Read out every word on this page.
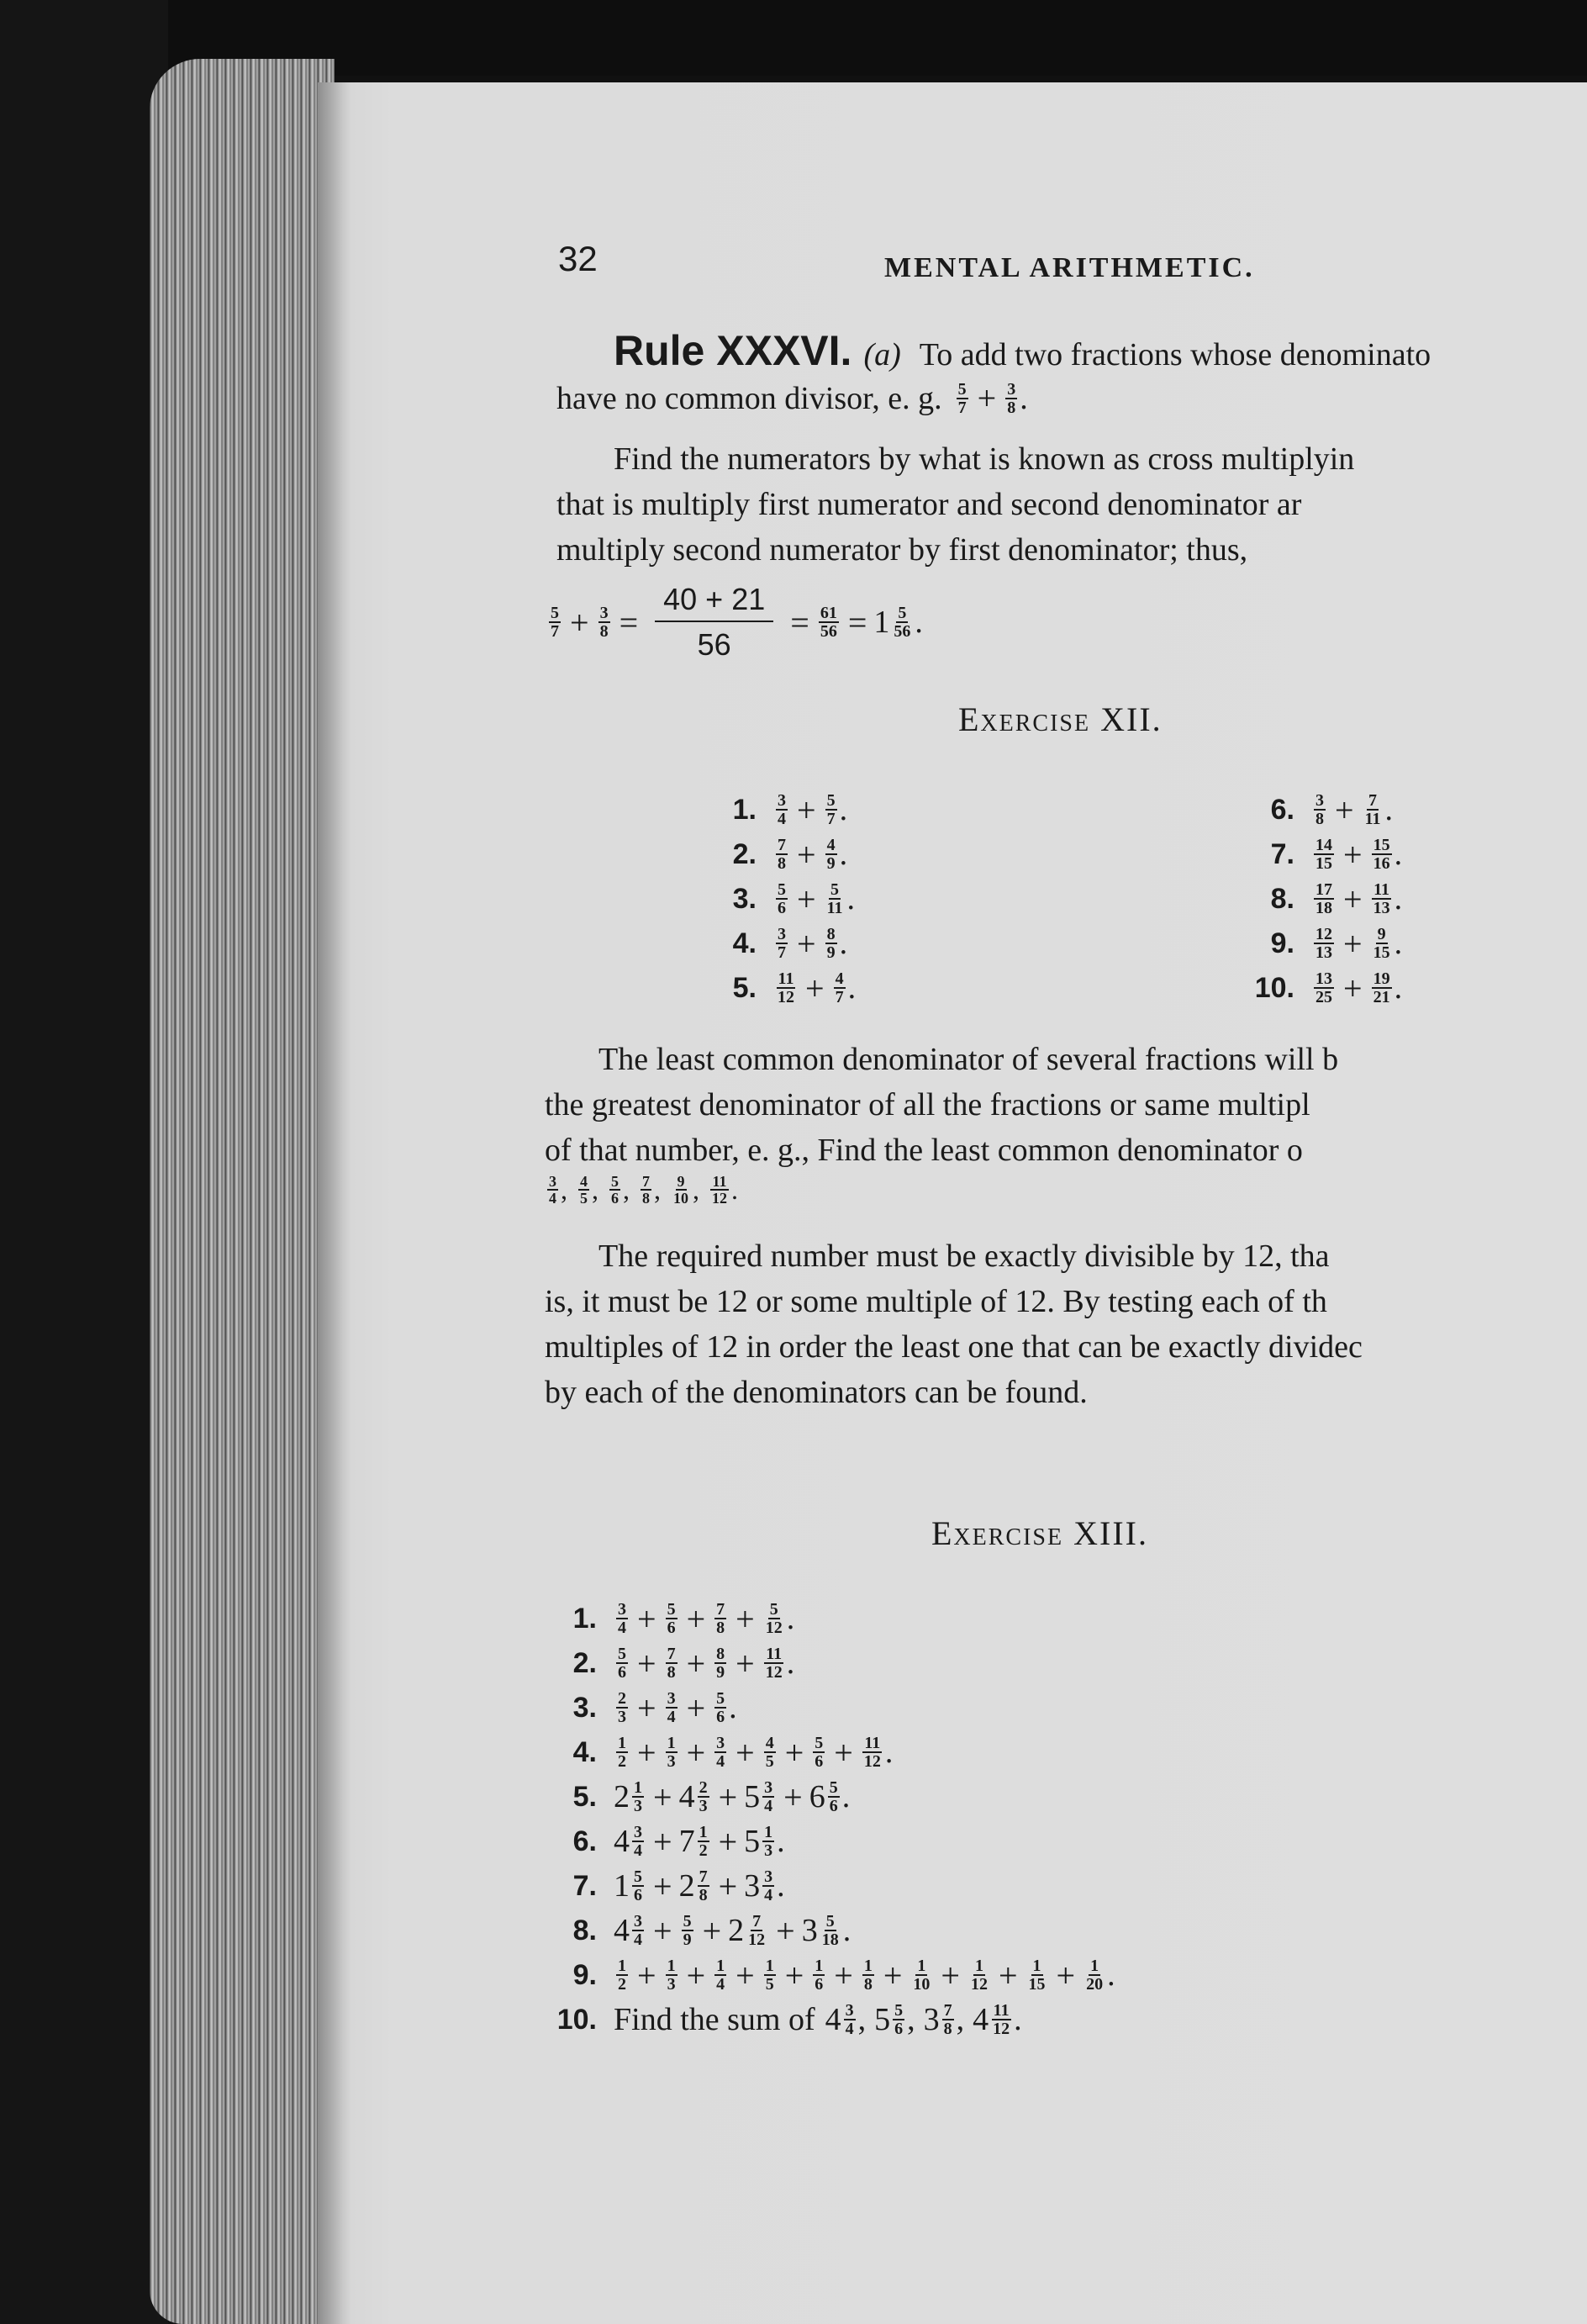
32	MENTAL ARITHMETIC.
Rule XXXVI. (a) To add two fractions whose denominato
have no common divisor, e. g. $\frac{5}{7} + \frac{3}{8}$ .
Find the numerators by what is known as cross multiplyin
that is multiply first numerator and second denominator ar
multiply second numerator by first denominator; thus,
$\frac{5}{7} + \frac{3}{8} = \frac{40 + 21}{56} = \frac{61}{56} = 1 \frac{5}{56}$ .
Exercise XII.
1. $\frac{3}{4} + \frac{5}{7}$ .
2. $\frac{7}{8} + \frac{4}{9}$ .
3. $\frac{5}{6} + \frac{5}{11}$ .
4. $\frac{3}{7} + \frac{8}{9}$ .
5. $\frac{11}{12} + \frac{4}{7}$ .
6. $\frac{3}{8} + \frac{7}{11}$ .
7. $\frac{14}{15} + \frac{15}{16}$ .
8. $\frac{17}{18} + \frac{11}{13}$ .
9. $\frac{12}{13} + \frac{9}{15}$ .
10. $\frac{13}{25} + \frac{19}{21}$ .
The least common denominator of several fractions will b
the greatest denominator of all the fractions or same multipl
of that number, e. g., Find the least common denominator o
$\frac{3}{4}$ , $\frac{4}{5}$ , $\frac{5}{6}$ , $\frac{7}{8}$ , $\frac{9}{10}$ , $\frac{11}{12}$ .
The required number must be exactly divisible by 12, tha
is, it must be 12 or some multiple of 12. By testing each of th
multiples of 12 in order the least one that can be exactly dividec
by each of the denominators can be found.
Exercise XIII.
1. $\frac{3}{4} + \frac{5}{6} + \frac{7}{8} + \frac{5}{12}$ .
2. $\frac{5}{6} + \frac{7}{8} + \frac{8}{9} + \frac{11}{12}$ .
3. $\frac{2}{3} + \frac{3}{4} + \frac{5}{6}$ .
4. $\frac{1}{2} + \frac{1}{3} + \frac{3}{4} + \frac{4}{5} + \frac{5}{6} + \frac{11}{12}$ .
5. $2 \frac{1}{3} + 4 \frac{2}{3} + 5 \frac{3}{4} + 6 \frac{5}{6}$ .
6. $4 \frac{3}{4} + 7 \frac{1}{2} + 5 \frac{1}{3}$ .
7. $1 \frac{5}{6} + 2 \frac{7}{8} + 3 \frac{3}{4}$ .
8. $4 \frac{3}{4} + \frac{5}{9} + 2 \frac{7}{12} + 3 \frac{5}{18}$ .
9. $\frac{1}{2} + \frac{1}{3} + \frac{1}{4} + \frac{1}{5} + \frac{1}{6} + \frac{1}{8} + \frac{1}{10} + \frac{1}{12} + \frac{1}{15} + \frac{1}{20}$ .
10. Find the sum of $4 \frac{3}{4}$ , $5 \frac{5}{6}$ , $3 \frac{7}{8}$ , $4 \frac{11}{12}$ .
